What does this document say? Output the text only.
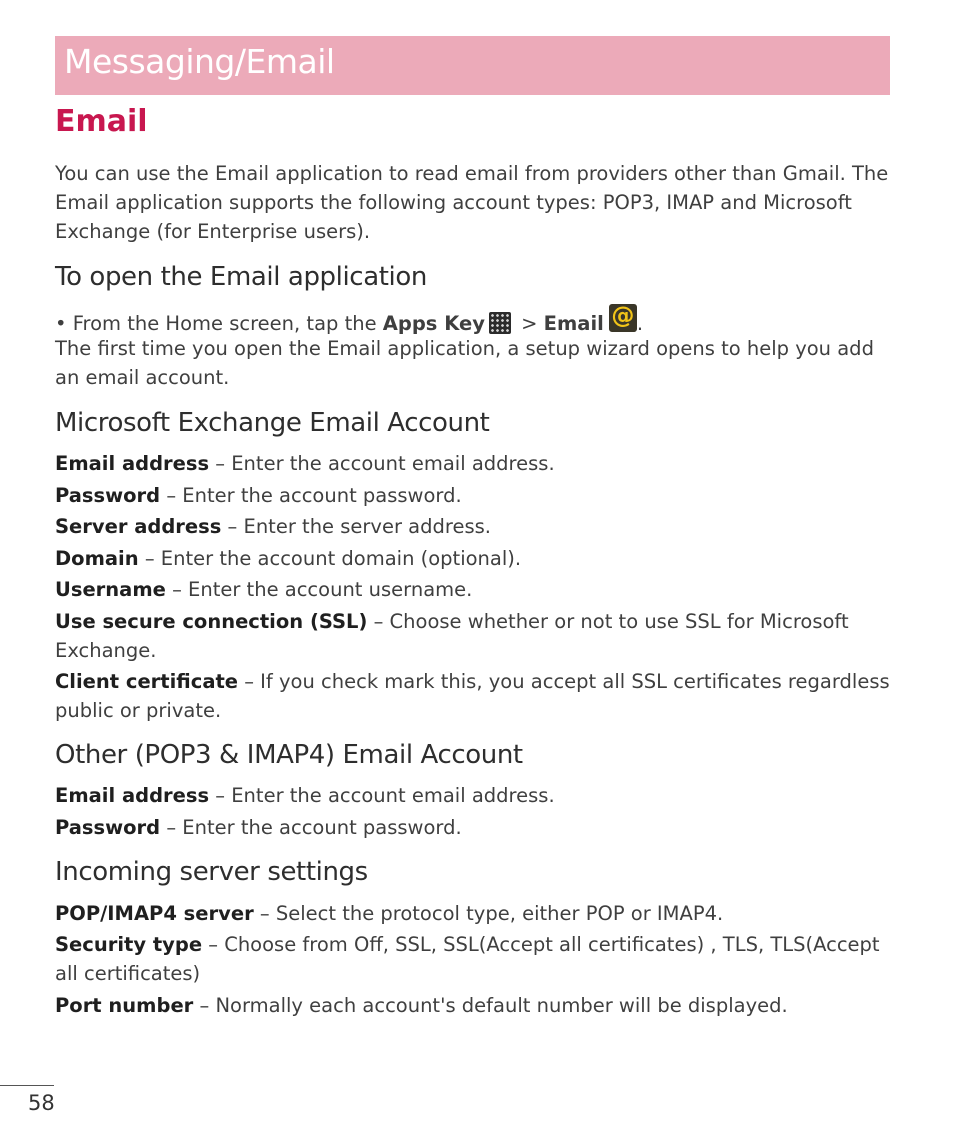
Messaging/Email
Email

You can use the Email application to read email from providers other than Gmail. The Email application supports the following account types: POP3, IMAP and Microsoft Exchange (for Enterprise users).

To open the Email application
• From the Home screen, tap the Apps Key > Email @ .

The first time you open the Email application, a setup wizard opens to help you add an email account.

Microsoft Exchange Email Account

Email address – Enter the account email address.

Password – Enter the account password.

Server address – Enter the server address.

Domain – Enter the account domain (optional).

Username – Enter the account username.

Use secure connection (SSL) – Choose whether or not to use SSL for Microsoft Exchange.

Client certificate – If you check mark this, you accept all SSL certificates regardless public or private.

Other (POP3 & IMAP4) Email Account

Email address – Enter the account email address.

Password – Enter the account password.

Incoming server settings

POP/IMAP4 server – Select the protocol type, either POP or IMAP4.

Security type – Choose from Off, SSL, SSL(Accept all certificates) , TLS, TLS(Accept all certificates)

Port number – Normally each account's default number will be displayed.

58
